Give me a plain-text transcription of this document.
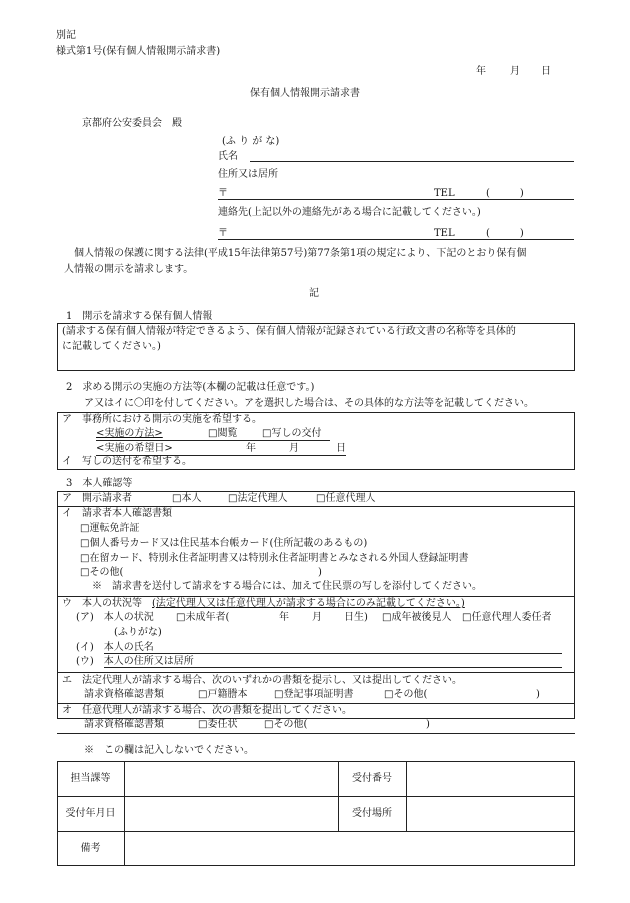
別記
様式第1号(保有個人情報開示請求書)
年 月 日
保有個人情報開示請求書
京都府公安委員会　殿
(ふ り が な)
氏名
住所又は居所
〒	TEL	(　　　)
連絡先(上記以外の連絡先がある場合に記載してください。)
〒	TEL	(　　　)
個人情報の保護に関する法律(平成15年法律第57号)第77条第1項の規定により、下記のとおり保有個
人情報の開示を請求します。
記
1　開示を請求する保有個人情報
(請求する保有個人情報が特定できるよう、保有個人情報が記録されている行政文書の名称等を具体的
に記載してください。)
2　求める開示の実施の方法等(本欄の記載は任意です。)
ア又はイに〇印を付してください。アを選択した場合は、その具体的な方法等を記載してください。
ア　事務所における開示の実施を希望する。
<実施の方法>	□閲覧 □写しの交付
<実施の希望日>	年	月	日
イ　写しの送付を希望する。
3　本人確認等
ア　開示請求者	□本人	□法定代理人	□任意代理人
イ　請求者本人確認書類
□運転免許証
□個人番号カード又は住民基本台帳カード(住所記載のあるもの)
□在留カード、特別永住者証明書又は特別永住者証明書とみなされる外国人登録証明書
□その他(	)
※　請求書を送付して請求をする場合には、加えて住民票の写しを添付してください。
ウ　本人の状況等 (法定代理人又は任意代理人が請求する場合にのみ記載してください。)
(ア)　本人の状況 □未成年者(	年 月 日生) □成年被後見人 □任意代理人委任者
(ふりがな)
(イ)　本人の氏名
(ウ)　本人の住所又は居所
エ　法定代理人が請求する場合、次のいずれかの書類を提示し、又は提出してください。
請求資格確認書類	□戸籍謄本	□登記事項証明書	□その他(	)
オ　任意代理人が請求する場合、次の書類を提出してください。
請求資格確認書類	□委任状	□その他(	)
※　この欄は記入しないでください。
担当課等	受付番号
受付年月日	受付場所
備考
